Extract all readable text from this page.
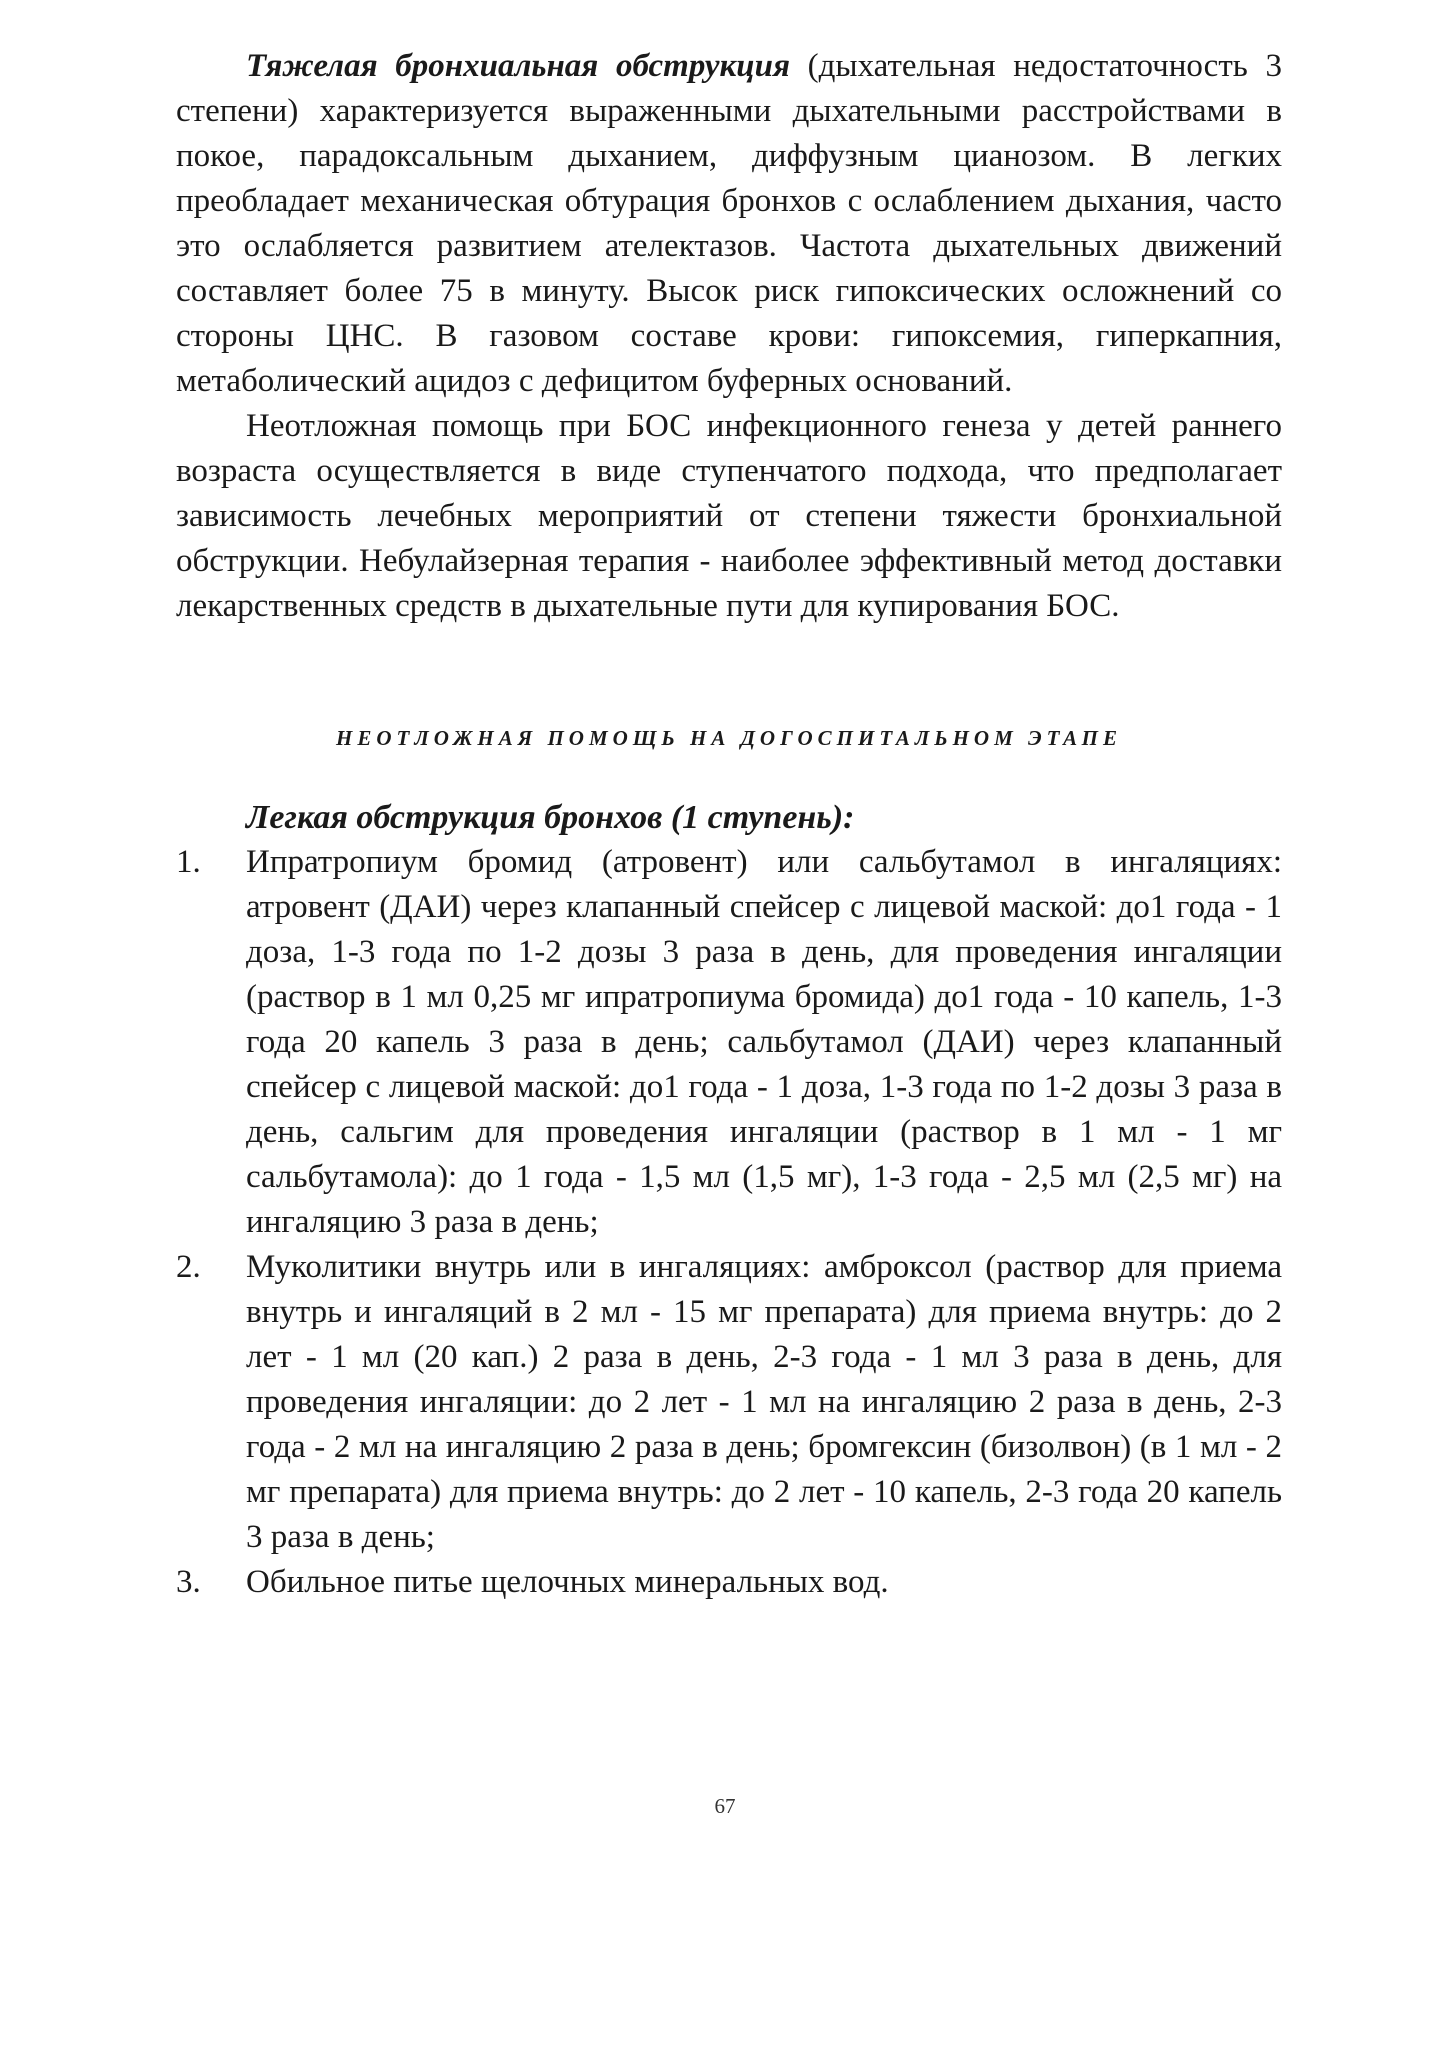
Тяжелая бронхиальная обструкция (дыхательная недостаточность 3 степени) характеризуется выраженными дыхательными расстройствами в покое, парадоксальным дыханием, диффузным цианозом. В легких преобладает механическая обтурация бронхов с ослаблением дыхания, часто это ослабляется развитием ателектазов. Частота дыхательных движений составляет более 75 в минуту. Высок риск гипоксических осложнений со стороны ЦНС. В газовом составе крови: гипоксемия, гиперкапния, метаболический ацидоз с дефицитом буферных оснований.

Неотложная помощь при БОС инфекционного генеза у детей раннего возраста осуществляется в виде ступенчатого подхода, что предполагает зависимость лечебных мероприятий от степени тяжести бронхиальной обструкции. Небулайзерная терапия - наиболее эффективный метод доставки лекарственных средств в дыхательные пути для купирования БОС.

НЕОТЛОЖНАЯ ПОМОЩЬ НА ДОГОСПИТАЛЬНОМ ЭТАПЕ
Легкая обструкция бронхов (1 ступень):
1. Ипратропиум бромид (атровент) или сальбутамол в ингаляциях: атровент (ДАИ) через клапанный спейсер с лицевой маской: до1 года - 1 доза, 1-3 года по 1-2 дозы 3 раза в день, для проведения ингаляции (раствор в 1 мл 0,25 мг ипратропиума бромида) до1 года - 10 капель, 1-3 года 20 капель 3 раза в день; сальбутамол (ДАИ) через клапанный спейсер с лицевой маской: до1 года - 1 доза, 1-3 года по 1-2 дозы 3 раза в день, сальгим для проведения ингаляции (раствор в 1 мл - 1 мг сальбутамола): до 1 года - 1,5 мл (1,5 мг), 1-3 года - 2,5 мл (2,5 мг) на ингаляцию 3 раза в день;
2. Муколитики внутрь или в ингаляциях: амброксол (раствор для приема внутрь и ингаляций в 2 мл - 15 мг препарата) для приема внутрь: до 2 лет - 1 мл (20 кап.) 2 раза в день, 2-3 года - 1 мл 3 раза в день, для проведения ингаляции: до 2 лет - 1 мл на ингаляцию 2 раза в день, 2-3 года - 2 мл на ингаляцию 2 раза в день; бромгексин (бизолвон) (в 1 мл - 2 мг препарата) для приема внутрь: до 2 лет - 10 капель, 2-3 года 20 капель 3 раза в день;
3. Обильное питье щелочных минеральных вод.
67
